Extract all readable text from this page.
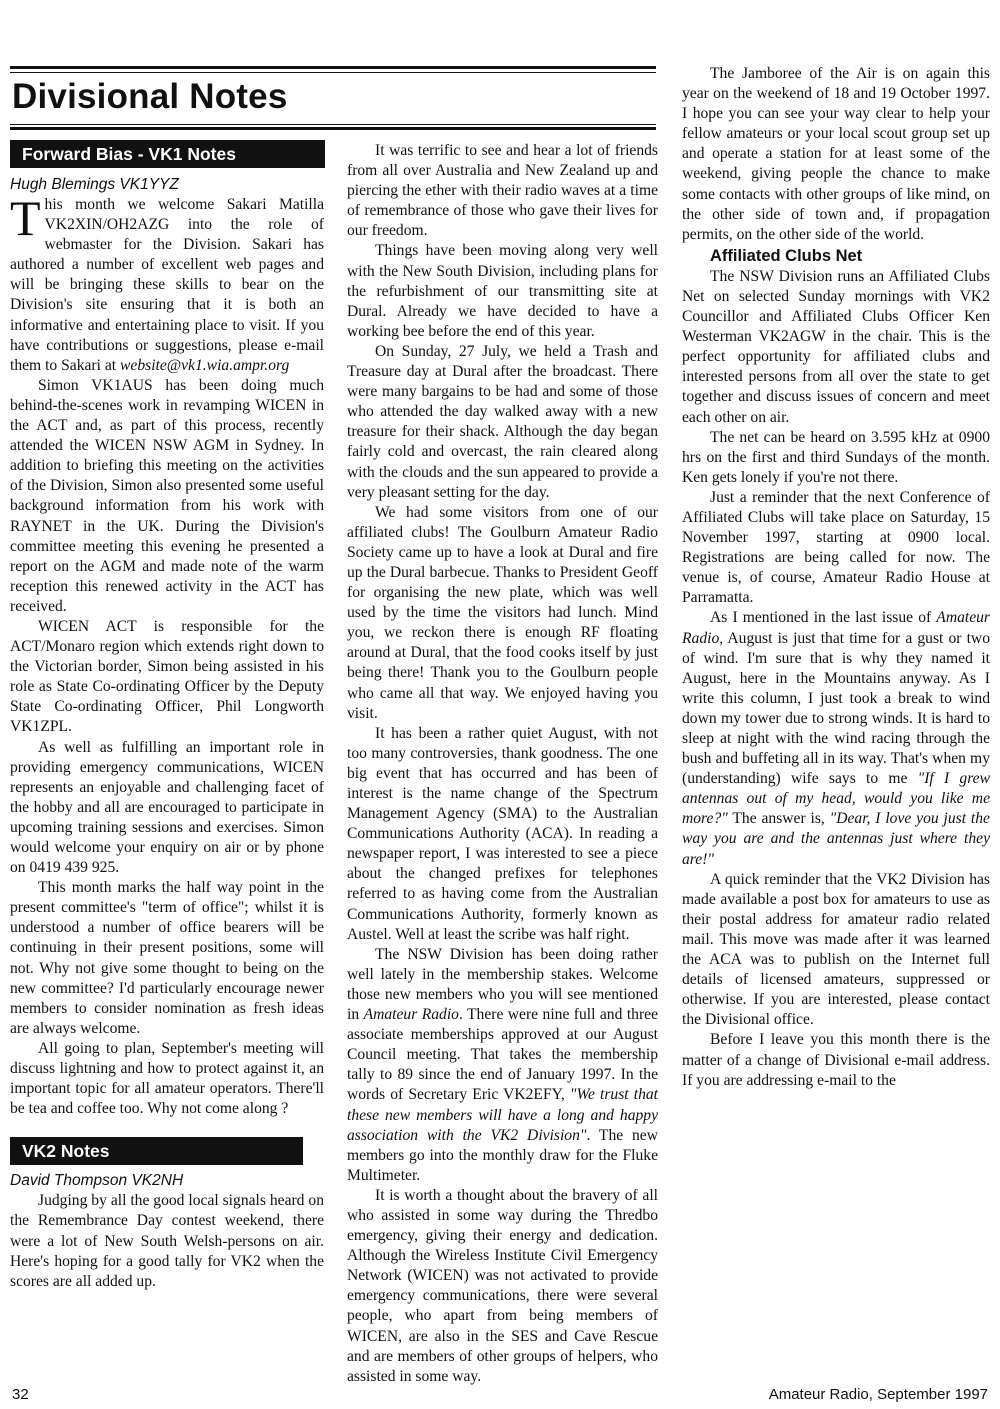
Divisional Notes
Forward Bias - VK1 Notes

Hugh Blemings VK1YYZ

This month we welcome Sakari Matilla VK2XIN/OH2AZG into the role of webmaster for the Division. Sakari has authored a number of excellent web pages and will be bringing these skills to bear on the Division's site ensuring that it is both an informative and entertaining place to visit. If you have contributions or suggestions, please e-mail them to Sakari at website@vk1.wia.ampr.org

Simon VK1AUS has been doing much behind-the-scenes work in revamping WICEN in the ACT and, as part of this process, recently attended the WICEN NSW AGM in Sydney. In addition to briefing this meeting on the activities of the Division, Simon also presented some useful background information from his work with RAYNET in the UK. During the Division's committee meeting this evening he presented a report on the AGM and made note of the warm reception this renewed activity in the ACT has received.

WICEN ACT is responsible for the ACT/Monaro region which extends right down to the Victorian border, Simon being assisted in his role as State Co-ordinating Officer by the Deputy State Co-ordinating Officer, Phil Longworth VK1ZPL.

As well as fulfilling an important role in providing emergency communications, WICEN represents an enjoyable and challenging facet of the hobby and all are encouraged to participate in upcoming training sessions and exercises. Simon would welcome your enquiry on air or by phone on 0419 439 925.

This month marks the half way point in the present committee's "term of office"; whilst it is understood a number of office bearers will be continuing in their present positions, some will not. Why not give some thought to being on the new committee? I'd particularly encourage newer members to consider nomination as fresh ideas are always welcome.

All going to plan, September's meeting will discuss lightning and how to protect against it, an important topic for all amateur operators. There'll be tea and coffee too. Why not come along ?

VK2 Notes

David Thompson VK2NH

Judging by all the good local signals heard on the Remembrance Day contest weekend, there were a lot of New South Welsh-persons on air. Here's hoping for a good tally for VK2 when the scores are all added up.

It was terrific to see and hear a lot of friends from all over Australia and New Zealand up and piercing the ether with their radio waves at a time of remembrance of those who gave their lives for our freedom.

Things have been moving along very well with the New South Division, including plans for the refurbishment of our transmitting site at Dural. Already we have decided to have a working bee before the end of this year.

On Sunday, 27 July, we held a Trash and Treasure day at Dural after the broadcast. There were many bargains to be had and some of those who attended the day walked away with a new treasure for their shack. Although the day began fairly cold and overcast, the rain cleared along with the clouds and the sun appeared to provide a very pleasant setting for the day.

We had some visitors from one of our affiliated clubs! The Goulburn Amateur Radio Society came up to have a look at Dural and fire up the Dural barbecue. Thanks to President Geoff for organising the new plate, which was well used by the time the visitors had lunch. Mind you, we reckon there is enough RF floating around at Dural, that the food cooks itself by just being there! Thank you to the Goulburn people who came all that way. We enjoyed having you visit.

It has been a rather quiet August, with not too many controversies, thank goodness. The one big event that has occurred and has been of interest is the name change of the Spectrum Management Agency (SMA) to the Australian Communications Authority (ACA). In reading a newspaper report, I was interested to see a piece about the changed prefixes for telephones referred to as having come from the Australian Communications Authority, formerly known as Austel. Well at least the scribe was half right.

The NSW Division has been doing rather well lately in the membership stakes. Welcome those new members who you will see mentioned in Amateur Radio. There were nine full and three associate memberships approved at our August Council meeting. That takes the membership tally to 89 since the end of January 1997. In the words of Secretary Eric VK2EFY, "We trust that these new members will have a long and happy association with the VK2 Division". The new members go into the monthly draw for the Fluke Multimeter.

It is worth a thought about the bravery of all who assisted in some way during the Thredbo emergency, giving their energy and dedication. Although the Wireless Institute Civil Emergency Network (WICEN) was not activated to provide emergency communications, there were several people, who apart from being members of WICEN, are also in the SES and Cave Rescue and are members of other groups of helpers, who assisted in some way.

The Jamboree of the Air is on again this year on the weekend of 18 and 19 October 1997. I hope you can see your way clear to help your fellow amateurs or your local scout group set up and operate a station for at least some of the weekend, giving people the chance to make some contacts with other groups of like mind, on the other side of town and, if propagation permits, on the other side of the world.

Affiliated Clubs Net

The NSW Division runs an Affiliated Clubs Net on selected Sunday mornings with VK2 Councillor and Affiliated Clubs Officer Ken Westerman VK2AGW in the chair. This is the perfect opportunity for affiliated clubs and interested persons from all over the state to get together and discuss issues of concern and meet each other on air.

The net can be heard on 3.595 kHz at 0900 hrs on the first and third Sundays of the month. Ken gets lonely if you're not there.

Just a reminder that the next Conference of Affiliated Clubs will take place on Saturday, 15 November 1997, starting at 0900 local. Registrations are being called for now. The venue is, of course, Amateur Radio House at Parramatta.

As I mentioned in the last issue of Amateur Radio, August is just that time for a gust or two of wind. I'm sure that is why they named it August, here in the Mountains anyway. As I write this column, I just took a break to wind down my tower due to strong winds. It is hard to sleep at night with the wind racing through the bush and buffeting all in its way. That's when my (understanding) wife says to me "If I grew antennas out of my head, would you like me more?" The answer is, "Dear, I love you just the way you are and the antennas just where they are!"

A quick reminder that the VK2 Division has made available a post box for amateurs to use as their postal address for amateur radio related mail. This move was made after it was learned the ACA was to publish on the Internet full details of licensed amateurs, suppressed or otherwise. If you are interested, please contact the Divisional office.

Before I leave you this month there is the matter of a change of Divisional e-mail address. If you are addressing e-mail to the

32	Amateur Radio, September 1997
